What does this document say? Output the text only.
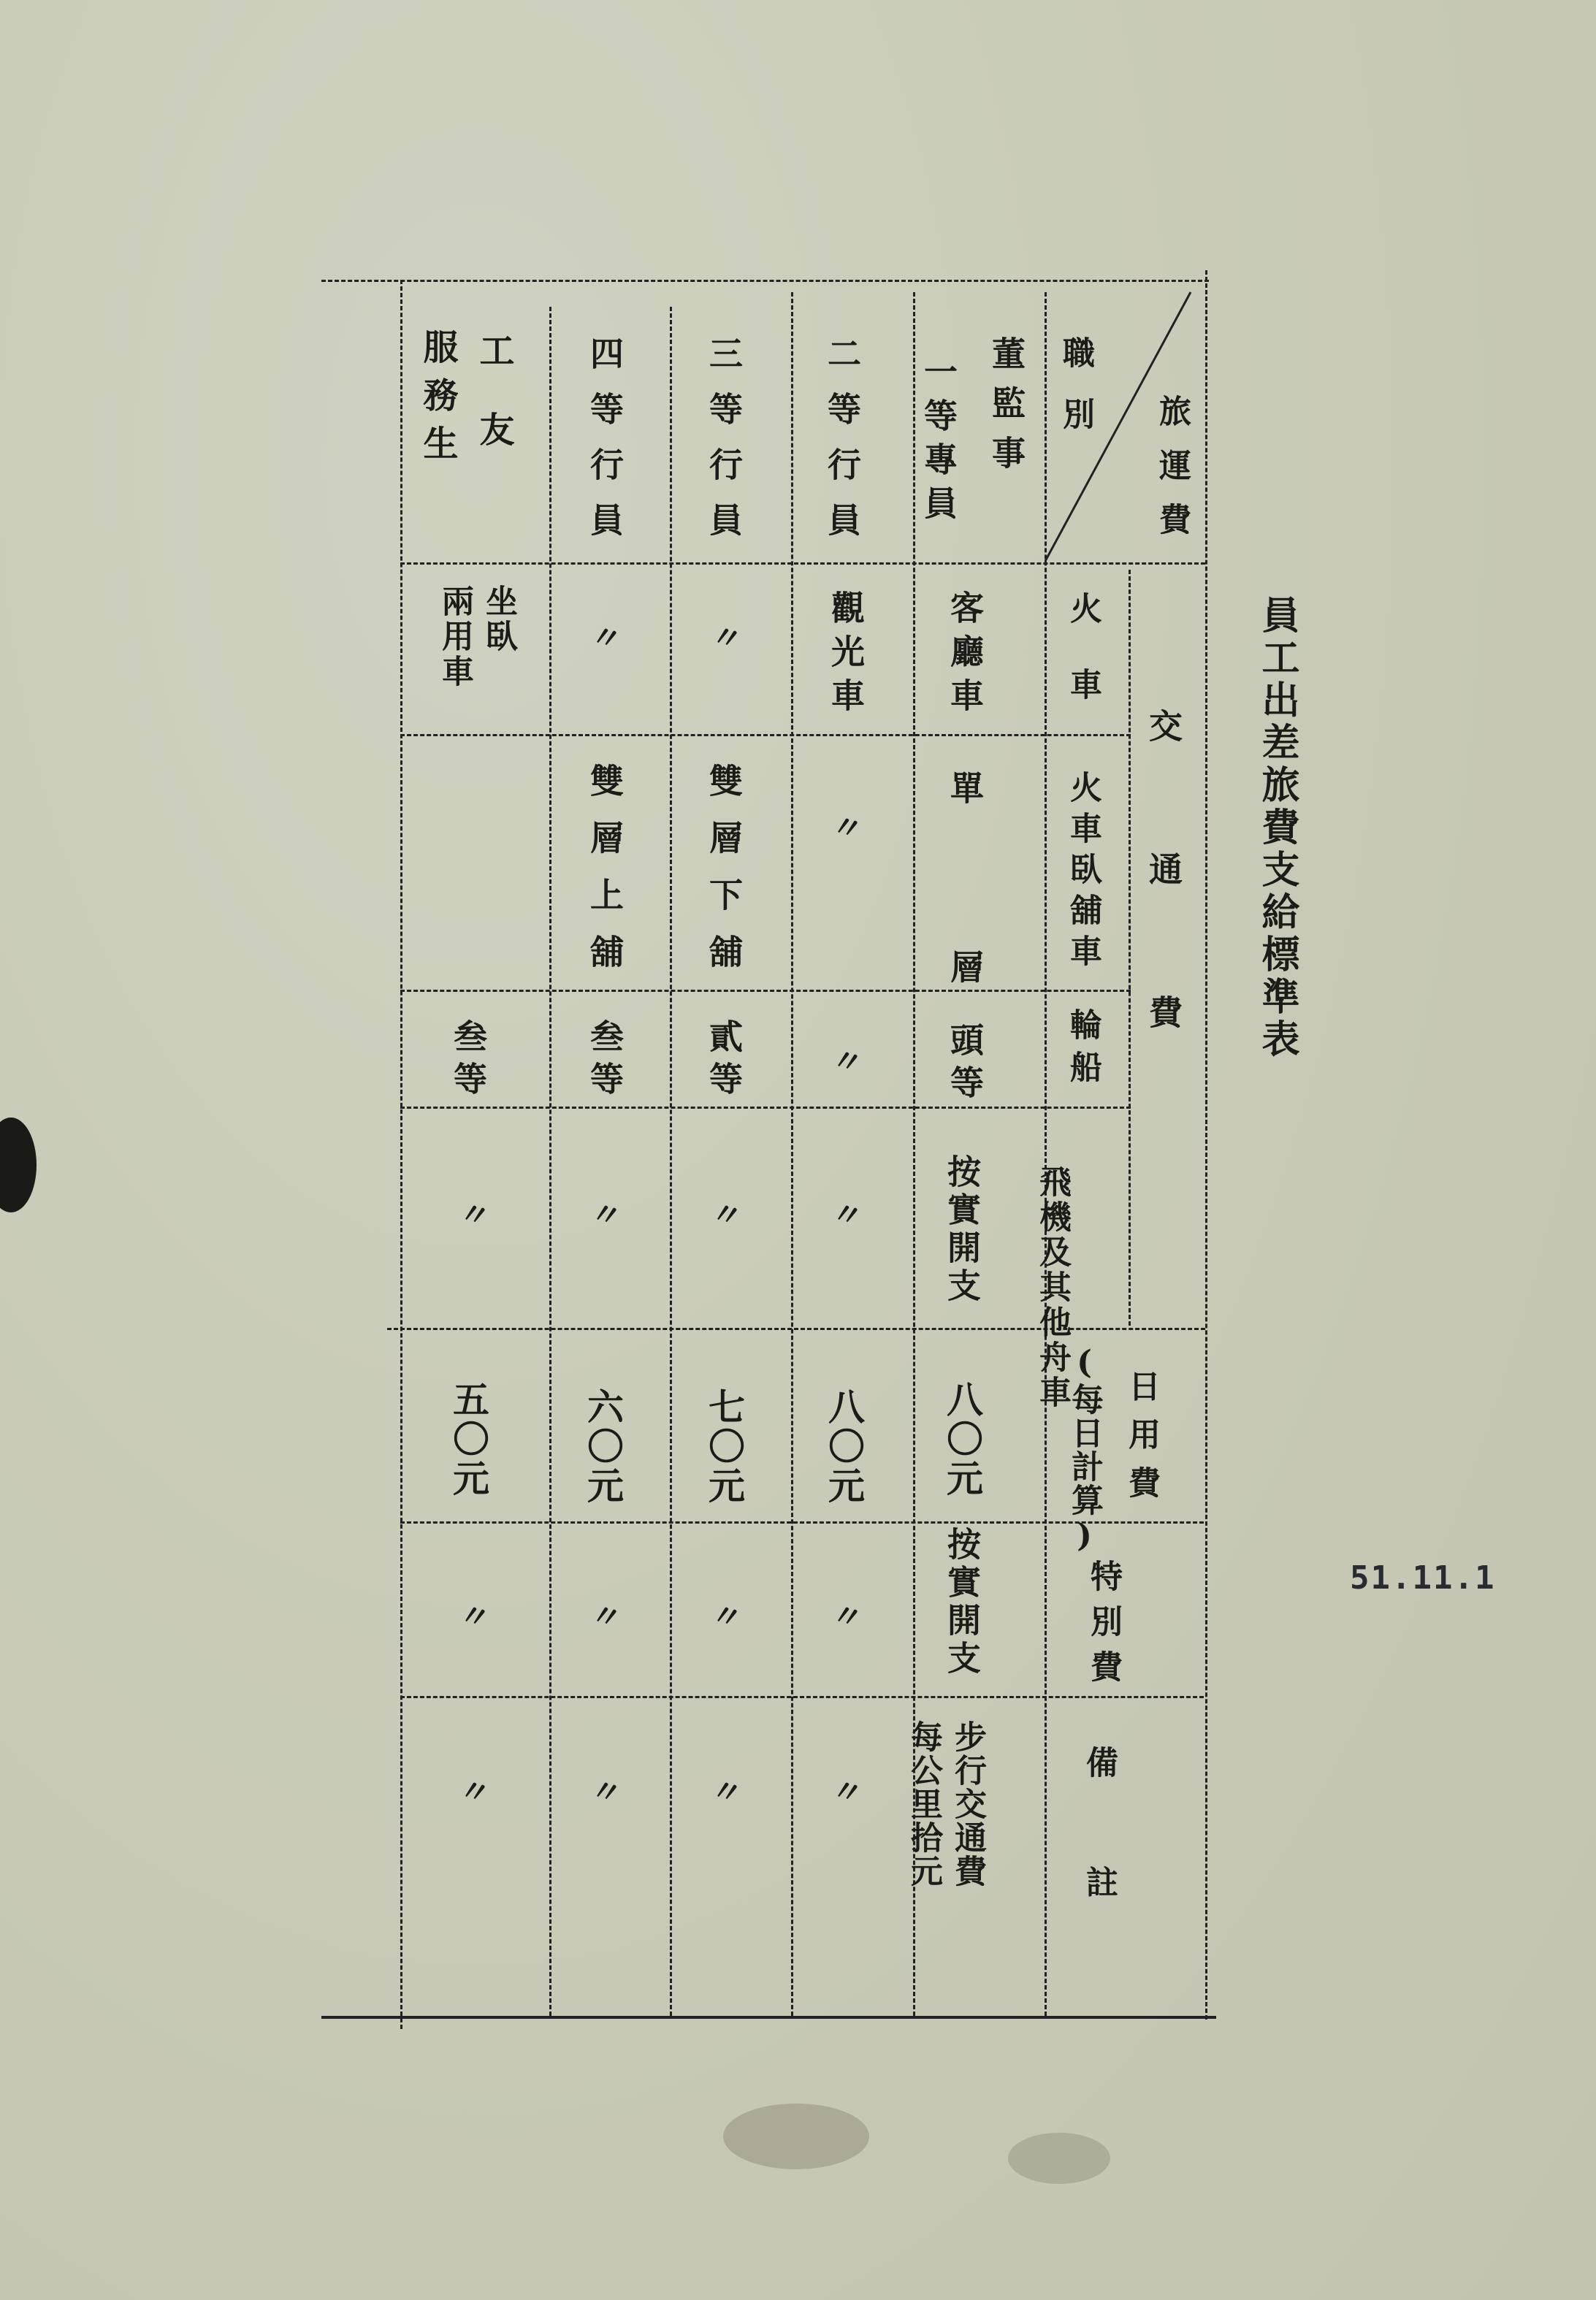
員工出差旅費支給標準表
51.11.1
旅運費
職別
交通費
火車
火車臥舖車
輪船
飛機及其他舟車
日用費
(每日計算)
特別費
備註
董監事
一等專員
二等行員
三等行員
四等行員
工友
服務生
客廳車
單
層
頭等
按實開支
八〇元
按實開支
步行交通費
每公里拾元
觀光車
〃
〃
〃
八〇元
〃
〃
〃
雙層下舖
貳等
〃
七〇元
〃
〃
〃
雙層上舖
叁等
〃
六〇元
〃
〃
坐臥
兩用車
叁等
〃
五〇元
〃
〃
